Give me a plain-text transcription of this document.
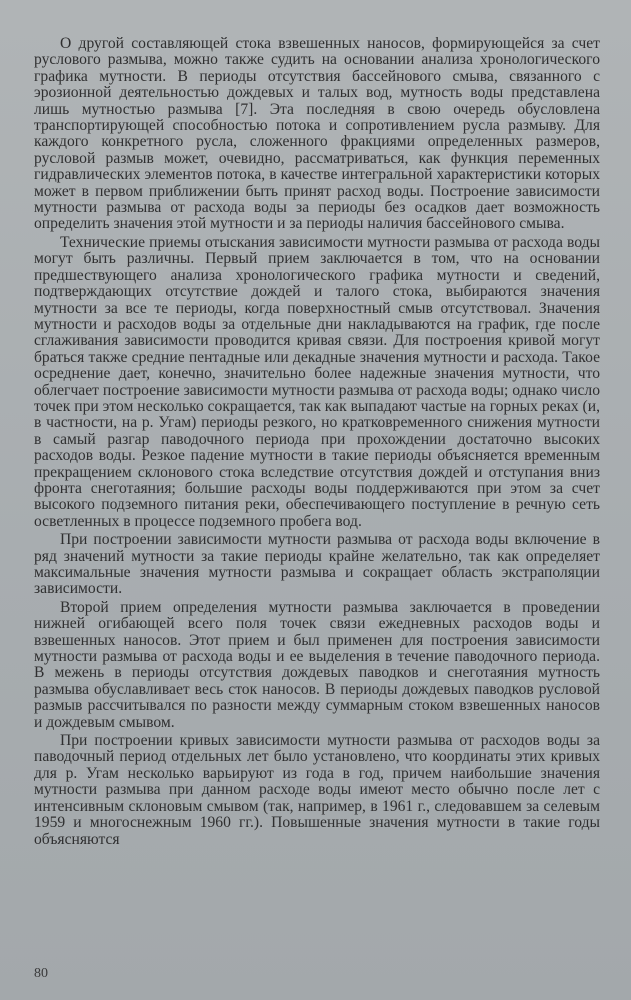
О другой составляющей стока взвешенных наносов, формирующейся за счет руслового размыва, можно также судить на основании анализа хронологического графика мутности. В периоды отсутствия бассейнового смыва, связанного с эрозионной деятельностью дождевых и талых вод, мутность воды представлена лишь мутностью размыва [7]. Эта последняя в свою очередь обусловлена транспортирующей способностью потока и сопротивлением русла размыву. Для каждого конкретного русла, сложенного фракциями определенных размеров, русловой размыв может, очевидно, рассматриваться, как функция переменных гидравлических элементов потока, в качестве интегральной характеристики которых может в первом приближении быть принят расход воды. Построение зависимости мутности размыва от расхода воды за периоды без осадков дает возможность определить значения этой мутности и за периоды наличия бассейнового смыва.

Технические приемы отыскания зависимости мутности размыва от расхода воды могут быть различны. Первый прием заключается в том, что на основании предшествующего анализа хронологического графика мутности и сведений, подтверждающих отсутствие дождей и талого стока, выбираются значения мутности за все те периоды, когда поверхностный смыв отсутствовал. Значения мутности и расходов воды за отдельные дни накладываются на график, где после сглаживания зависимости проводится кривая связи. Для построения кривой могут браться также средние пентадные или декадные значения мутности и расхода. Такое осреднение дает, конечно, значительно более надежные значения мутности, что облегчает построение зависимости мутности размыва от расхода воды; однако число точек при этом несколько сокращается, так как выпадают частые на горных реках (и, в частности, на р. Угам) периоды резкого, но кратковременного снижения мутности в самый разгар паводочного периода при прохождении достаточно высоких расходов воды. Резкое падение мутности в такие периоды объясняется временным прекращением склонового стока вследствие отсутствия дождей и отступания вниз фронта снеготаяния; большие расходы воды поддерживаются при этом за счет высокого подземного питания реки, обеспечивающего поступление в речную сеть осветленных в процессе подземного пробега вод.

При построении зависимости мутности размыва от расхода воды включение в ряд значений мутности за такие периоды крайне желательно, так как определяет максимальные значения мутности размыва и сокращает область экстраполяции зависимости.

Второй прием определения мутности размыва заключается в проведении нижней огибающей всего поля точек связи ежедневных расходов воды и взвешенных наносов. Этот прием и был применен для построения зависимости мутности размыва от расхода воды и ее выделения в течение паводочного периода. В межень в периоды отсутствия дождевых паводков и снеготаяния мутность размыва обуславливает весь сток наносов. В периоды дождевых паводков русловой размыв рассчитывался по разности между суммарным стоком взвешенных наносов и дождевым смывом.

При построении кривых зависимости мутности размыва от расходов воды за паводочный период отдельных лет было установлено, что координаты этих кривых для р. Угам несколько варьируют из года в год, причем наибольшие значения мутности размыва при данном расходе воды имеют место обычно после лет с интенсивным склоновым смывом (так, например, в 1961 г., следовавшем за селевым 1959 и многоснежным 1960 гг.). Повышенные значения мутности в такие годы объясняются

80
